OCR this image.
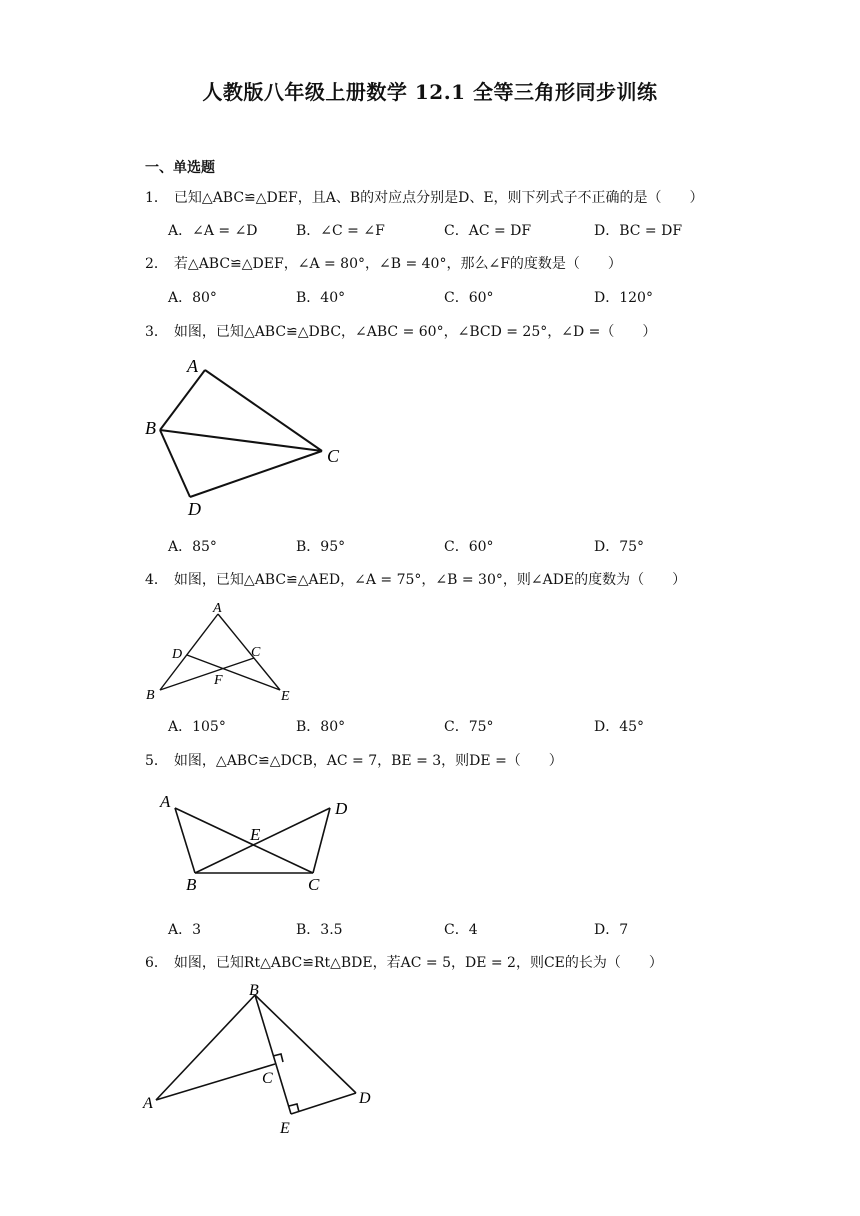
人教版八年级上册数学 12.1 全等三角形同步训练
一、单选题
1． 已知△ABC≌△DEF，且A、B的对应点分别是D、E，则下列式子不正确的是（　　）
A．∠A = ∠D	B．∠C = ∠F	C．AC = DF	D．BC = DF
2． 若△ABC≌△DEF，∠A = 80°，∠B = 40°，那么∠F的度数是（　　）
A．80°	B．40°	C．60°	D．120°
3． 如图，已知△ABC≌△DBC，∠ABC = 60°，∠BCD = 25°，∠D =（　　）
A
B
C
D
A．85°	B．95°	C．60°	D．75°
4． 如图，已知△ABC≌△AED，∠A = 75°，∠B = 30°，则∠ADE的度数为（　　）
A
D	C
F
B	E
A．105°	B．80°	C．75°	D．45°
5． 如图，△ABC≌△DCB，AC = 7，BE = 3，则DE =（　　）
A	D
E
B	C
A．3	B．3.5	C．4	D．7
6． 如图，已知Rt△ABC≌Rt△BDE，若AC = 5，DE = 2，则CE的长为（　　）
B
C
A	D
E
